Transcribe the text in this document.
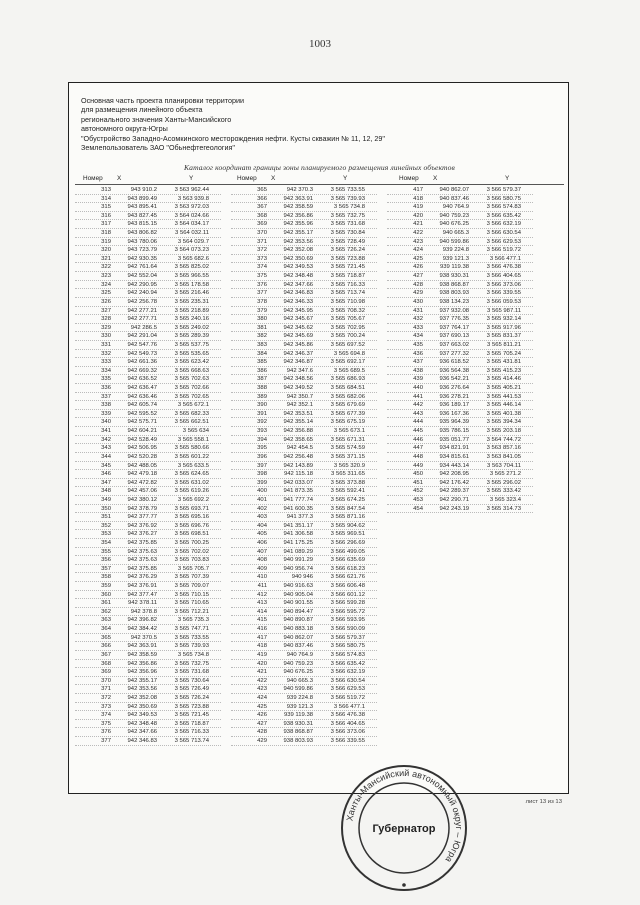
1003
Основная часть проекта планировки территории
для размещения линейного объекта
регионального значения Ханты-Мансийского
автономного округа-Югры
"Обустройство Западно-Асомкинского месторождения нефти. Кусты скважин № 11, 12, 29"
Землепользователь ЗАО "Обьнефтегеология"
Каталог координат границы зоны планируемого размещения линейных объектов
Номер X	Y	Номер X	Y	Номер X	Y
313	943 910.2	3 563 962.44
314	943 899.49	3 563 939.8
315	943 895.41	3 563 972.03
316	943 827.45	3 564 024.66
317	943 815.15	3 564 034.17
318	943 806.82	3 564 032.11
319	943 780.06	3 564 029.7
320	943 723.79	3 564 073.23
321	942 930.35	3 565 682.6
322	942 761.64	3 565 825.02
323	942 552.04	3 565 966.55
324	942 290.95	3 565 178.58
325	942 240.94	3 565 216.46
326	942 256.78	3 565 235.31
327	942 277.21	3 565 218.89
328	942 277.71	3 565 240.16
329	942 286.5	3 565 249.02
330	942 291.04	3 565 289.39
331	942 547.76	3 565 537.75
332	942 549.73	3 565 535.65
333	942 661.36	3 565 623.42
334	942 669.32	3 565 668.63
335	942 636.52	3 565 702.63
336	942 636.47	3 565 702.66
337	942 636.46	3 565 702.65
338	942 605.74	3 565 672.1
339	942 595.52	3 565 682.33
340	942 575.71	3 565 662.51
341	942 604.21	3 565 634
342	942 528.49	3 565 558.1
343	942 506.95	3 565 580.66
344	942 520.28	3 565 601.22
345	942 488.05	3 565 633.5
346	942 479.18	3 565 624.65
347	942 472.82	3 565 631.02
348	942 457.06	3 565 619.26
349	942 380.12	3 565 692.2
350	942 378.79	3 565 693.71
351	942 377.77	3 565 695.16
352	942 376.92	3 565 696.76
353	942 376.27	3 565 698.51
354	942 375.85	3 565 700.25
355	942 375.63	3 565 702.02
356	942 375.63	3 565 703.83
357	942 375.85	3 565 705.7
358	942 376.29	3 565 707.39
359	942 376.91	3 565 709.07
360	942 377.47	3 565 710.15
361	942 378.11	3 565 710.65
362	942 378.8	3 565 712.21
363	942 396.82	3 565 735.3
364	942 384.42	3 565 747.71
365	942 370.5	3 565 733.55
366	942 363.91	3 565 739.93
367	942 358.59	3 565 734.8
368	942 356.86	3 565 732.75
369	942 356.96	3 565 731.68
370	942 355.17	3 565 730.64
371	942 353.56	3 565 726.49
372	942 352.08	3 565 726.24
373	942 350.69	3 565 723.88
374	942 349.53	3 565 721.45
375	942 348.48	3 565 718.87
376	942 347.66	3 565 716.33
377	942 346.83	3 565 713.74
365	942 370.3	3 565 733.55
366	942 363.91	3 565 739.93
367	942 358.59	3 565 734.8
368	942 356.86	3 565 732.75
369	942 355.96	3 565 731.68
370	942 355.17	3 565 730.84
371	942 353.56	3 565 728.49
372	942 352.08	3 565 726.24
373	942 350.69	3 565 723.88
374	942 349.53	3 565 721.45
375	942 348.48	3 565 718.87
376	942 347.66	3 565 716.33
377	942 346.83	3 565 713.74
378	942 346.33	3 565 710.98
379	942 345.95	3 565 708.32
380	942 345.67	3 565 705.67
381	942 345.62	3 565 702.95
382	942 345.69	3 565 700.24
383	942 345.86	3 565 697.52
384	942 346.37	3 565 694.8
385	942 346.87	3 565 692.17
386	942 347.6	3 565 689.5
387	942 348.56	3 565 686.93
388	942 349.52	3 565 684.51
389	942 350.7	3 565 682.06
390	942 352.1	3 565 679.69
391	942 353.51	3 565 677.39
392	942 355.14	3 565 675.19
393	942 356.88	3 565 673.1
394	942 358.65	3 565 671.31
395	942 454.5	3 565 574.59
396	942 256.48	3 565 371.15
397	942 143.89	3 565 320.9
398	942 115.18	3 565 311.65
399	942 033.07	3 565 373.88
400	941 873.35	3 565 592.41
401	941 777.74	3 565 674.25
402	941 600.35	3 565 847.54
403	941 377.3	3 565 871.16
404	941 351.17	3 565 904.62
405	941 306.58	3 565 969.51
406	941 175.25	3 566 296.69
407	941 089.29	3 566 499.05
408	940 991.29	3 566 635.69
409	940 956.74	3 566 618.23
410	940 946	3 566 621.76
411	940 916.63	3 566 606.48
412	940 905.04	3 566 601.12
413	940 901.55	3 566 599.28
414	940 894.47	3 566 595.72
415	940 890.87	3 566 593.95
416	940 883.18	3 566 590.09
417	940 862.07	3 566 579.37
418	940 837.46	3 566 580.75
419	940 764.9	3 566 574.83
420	940 759.23	3 566 635.42
421	940 676.25	3 566 632.19
422	940 665.3	3 566 630.54
423	940 599.86	3 566 629.53
424	939 224.8	3 566 519.72
425	939 121.3	3 566 477.1
426	939 119.38	3 566 476.38
427	938 930.31	3 566 404.65
428	938 868.87	3 566 373.06
429	938 803.93	3 566 339.55
417	940 862.07	3 566 579.37
418	940 837.46	3 566 580.75
419	940 764.9	3 566 574.83
420	940 759.23	3 566 635.42
421	940 676.25	3 566 632.19
422	940 665.3	3 566 630.54
423	940 599.86	3 566 629.53
424	939 224.8	3 566 519.72
425	939 121.3	3 566 477.1
426	939 119.38	3 566 476.38
427	938 930.31	3 566 404.65
428	938 868.87	3 566 373.06
429	938 803.93	3 566 339.55
430	938 134.23	3 566 059.53
431	937 932.08	3 565 987.11
432	937 776.35	3 565 932.14
433	937 764.17	3 565 917.96
434	937 690.13	3 565 831.37
435	937 663.02	3 565 811.21
436	937 277.32	3 565 705.24
437	936 618.52	3 565 431.81
438	936 564.38	3 565 415.23
439	936 542.21	3 565 414.46
440	936 276.64	3 565 405.21
441	936 278.21	3 565 441.53
442	936 189.17	3 565 446.14
443	936 167.36	3 565 401.38
444	935 964.39	3 565 394.34
445	935 786.15	3 565 203.18
446	935 051.77	3 564 744.72
447	934 821.91	3 563 857.16
448	934 815.61	3 563 841.05
449	934 443.14	3 563 704.11
450	942 208.95	3 565 271.2
451	942 176.42	3 565 296.02
452	942 289.37	3 565 333.42
453	942 290.71	3 565 323.4
454	942 243.19	3 565 314.73
лист 13 из 13
Ханты-Мансийский автономный округ – Югра
Губернатор
